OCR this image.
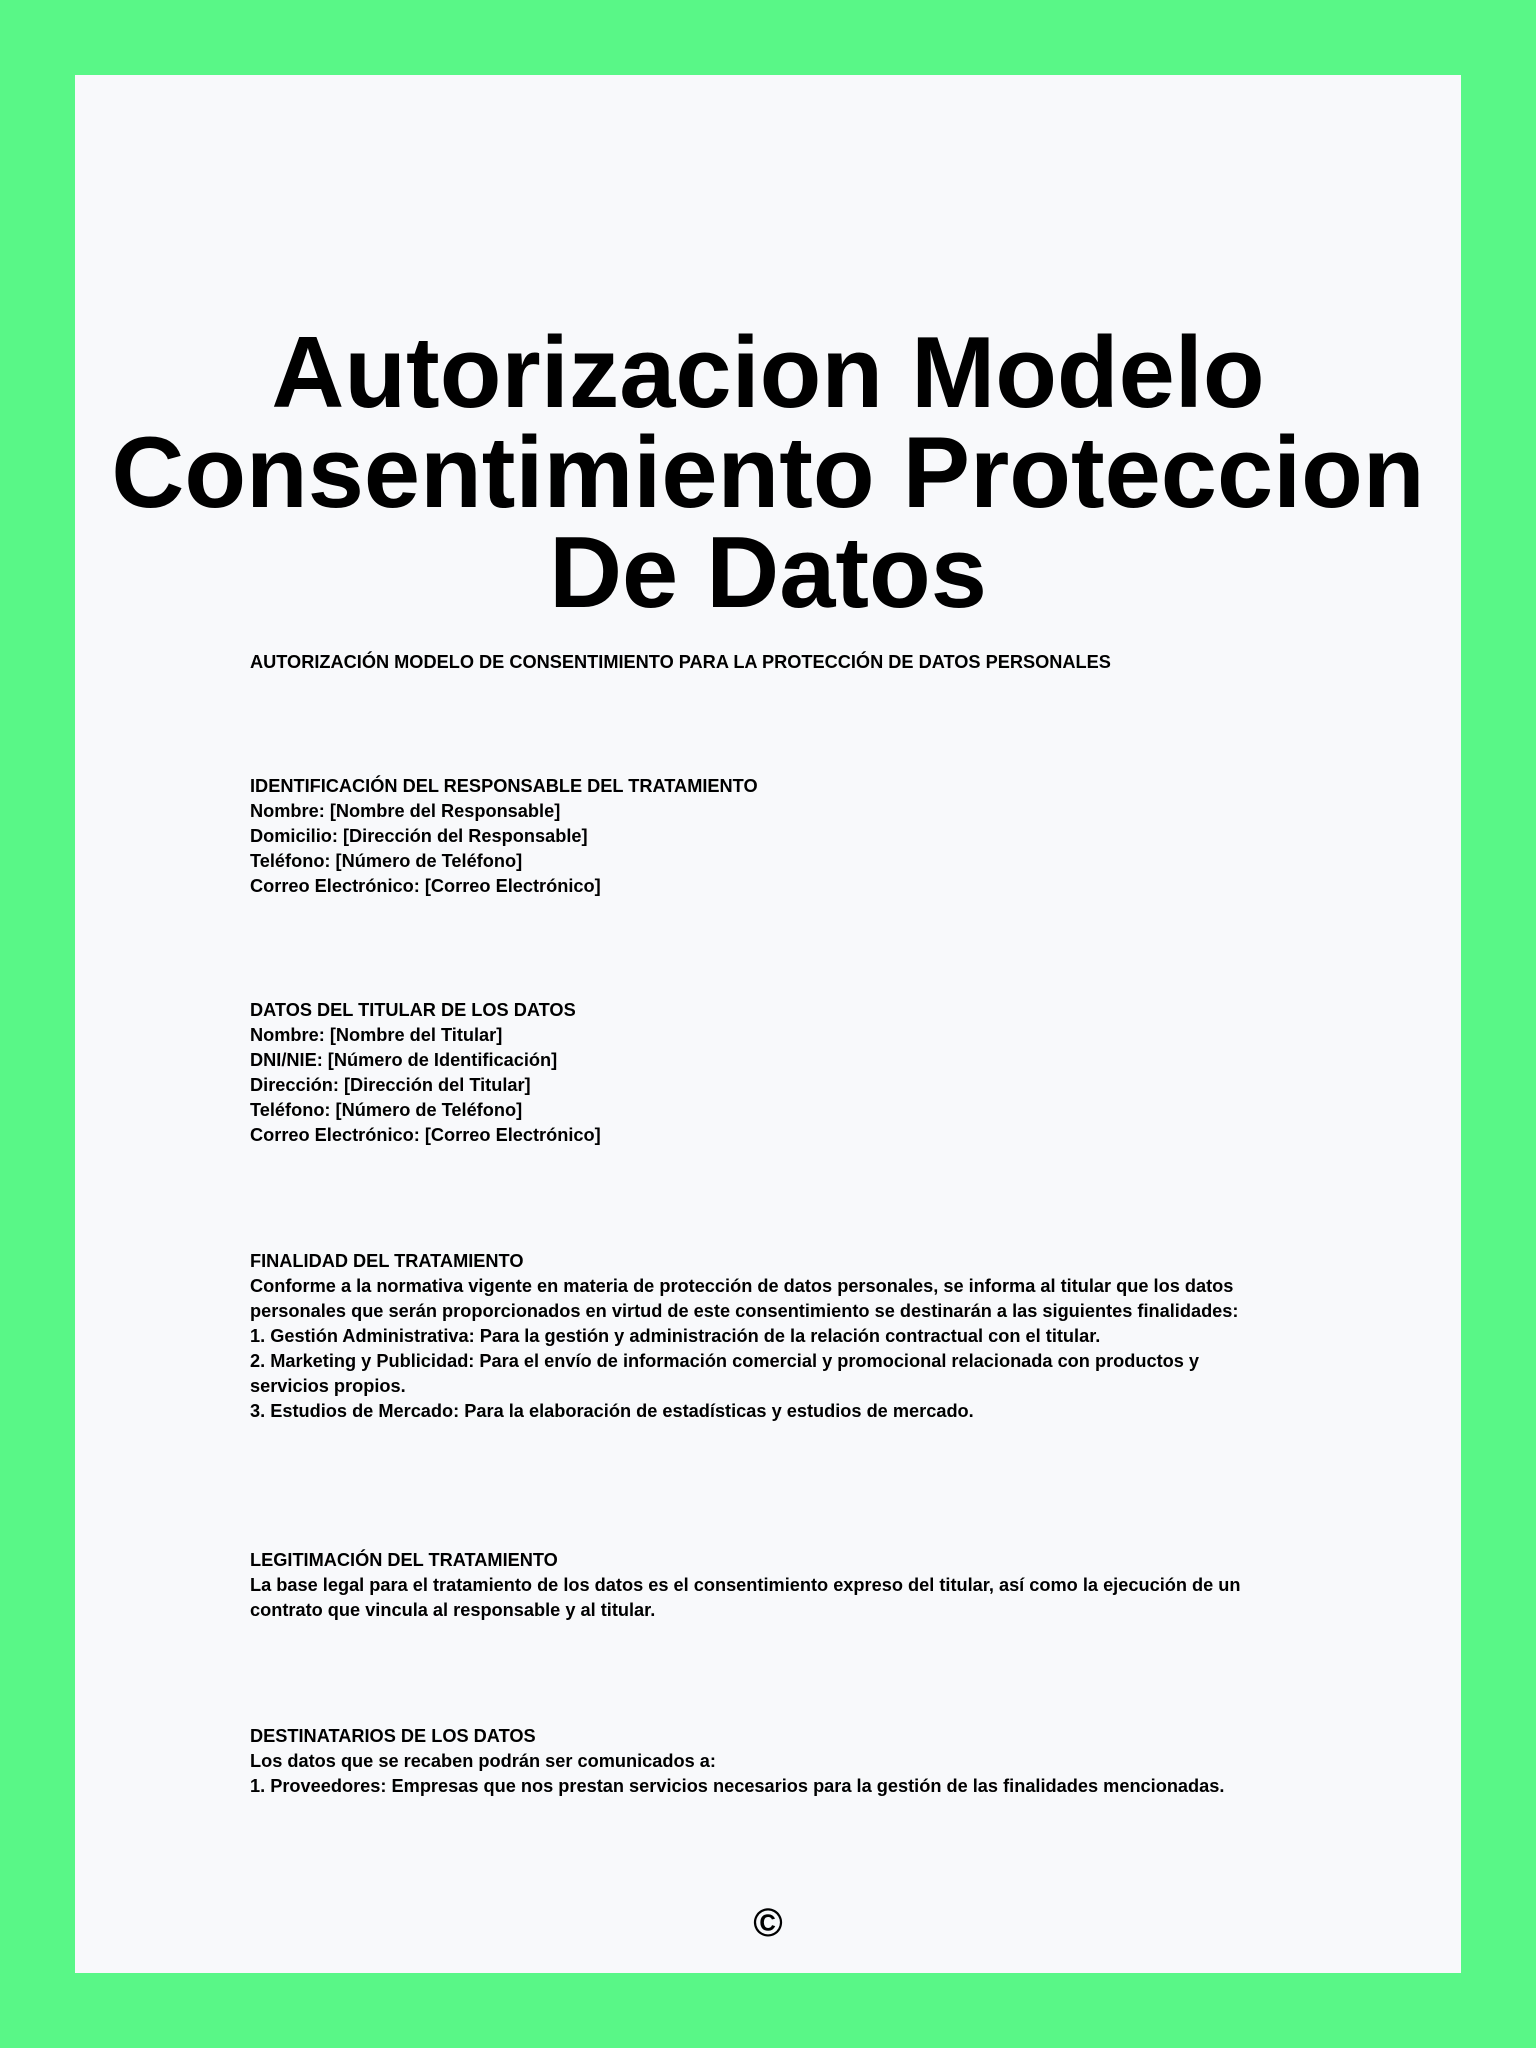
Autorizacion Modelo
Consentimiento Proteccion
De Datos
AUTORIZACIÓN MODELO DE CONSENTIMIENTO PARA LA PROTECCIÓN DE DATOS PERSONALES
IDENTIFICACIÓN DEL RESPONSABLE DEL TRATAMIENTO
Nombre: [Nombre del Responsable]
Domicilio: [Dirección del Responsable]
Teléfono: [Número de Teléfono]
Correo Electrónico: [Correo Electrónico]
DATOS DEL TITULAR DE LOS DATOS
Nombre: [Nombre del Titular]
DNI/NIE: [Número de Identificación]
Dirección: [Dirección del Titular]
Teléfono: [Número de Teléfono]
Correo Electrónico: [Correo Electrónico]
FINALIDAD DEL TRATAMIENTO
Conforme a la normativa vigente en materia de protección de datos personales, se informa al titular que los datos personales que serán proporcionados en virtud de este consentimiento se destinarán a las siguientes finalidades:
1. Gestión Administrativa: Para la gestión y administración de la relación contractual con el titular.
2. Marketing y Publicidad: Para el envío de información comercial y promocional relacionada con productos y servicios propios.
3. Estudios de Mercado: Para la elaboración de estadísticas y estudios de mercado.
LEGITIMACIÓN DEL TRATAMIENTO
La base legal para el tratamiento de los datos es el consentimiento expreso del titular, así como la ejecución de un contrato que vincula al responsable y al titular.
DESTINATARIOS DE LOS DATOS
Los datos que se recaben podrán ser comunicados a:
1. Proveedores: Empresas que nos prestan servicios necesarios para la gestión de las finalidades mencionadas.
©
